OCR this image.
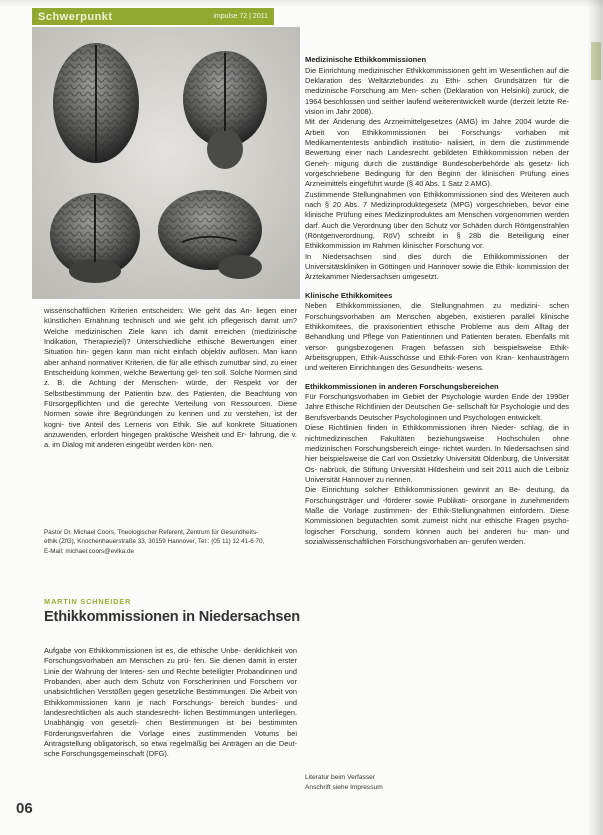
Schwerpunkt	impulse 72 | 2011

wissenschaftlichen Kriterien entscheiden: Wie geht das An- liegen einer künstlichen Ernährung technisch und wie geht ich pflegerisch damit um? Welche medizinischen Ziele kann ich damit erreichen (medizinische Indikation, Therapieziel)? Unterschiedliche ethische Bewertungen einer Situation hin- gegen kann man nicht einfach objektiv auflösen. Man kann aber anhand normativer Kriterien, die für alle ethisch zumutbar sind, zu einer Entscheidung kommen, welche Bewertung gel- ten soll. Solche Normen sind z. B. die Achtung der Menschen- würde, der Respekt vor der Selbstbestimmung der Patientin bzw. des Patienten, die Beachtung von Fürsorgepflichten und die gerechte Verteilung von Ressourcen. Diese Normen sowie ihre Begründungen zu kennen und zu verstehen, ist der kogni- tive Anteil des Lernens von Ethik. Sie auf konkrete Situationen anzuwenden, erfordert hingegen praktische Weisheit und Er- fahrung, die v. a. im Dialog mit anderen eingeübt werden kön- nen.

Pastor Dr. Michael Coors, Theologischer Referent, Zentrum für Gesundheits-
ethik (ZfG), Knochenhauerstraße 33, 30159 Hannover, Tel.: (05 11) 12 41-6 70,
E-Mail: michael.coors@evlka.de
MARTIN SCHNEIDER
Ethikkommissionen in Niedersachsen

Aufgabe von Ethikkommissionen ist es, die ethische Unbe- denklichkeit von Forschungsvorhaben am Menschen zu prü- fen. Sie dienen damit in erster Linie der Wahrung der Interes- sen und Rechte beteiligter Probandinnen und Probanden, aber auch dem Schutz von Forscherinnen und Forschern vor unabsichtlichen Verstößen gegen gesetzliche Bestimmungen. Die Arbeit von Ethikkommissionen kann je nach Forschungs- bereich bundes- und landesrechtlichen als auch standesrecht- lichen Bestimmungen unterliegen. Unabhängig von gesetzli- chen Bestimmungen ist bei bestimmten Förderungsverfahren die Vorlage eines zustimmenden Votums bei Antragstellung obligatorisch, so etwa regelmäßig bei Anträgen an die Deut- sche Forschungsgemeinschaft (DFG).

Medizinische Ethikkommissionen

Die Einrichtung medizinischer Ethikkommissionen geht im Wesentlichen auf die Deklaration des Weltärztebundes zu Ethi- schen Grundsätzen für die medizinische Forschung am Men- schen (Deklaration von Helsinki) zurück, die 1964 beschlossen und seither laufend weiterentwickelt wurde (derzeit letzte Re- vision im Jahr 2008).

Mit der Änderung des Arzneimittelgesetzes (AMG) im Jahre 2004 wurde die Arbeit von Ethikkommissionen bei Forschungs- vorhaben mit Medikamententests anbindlich institutio- nalisiert, in dem die zustimmende Bewertung einer nach Landesrecht gebildeten Ethikkommission neben der Geneh- migung durch die zuständige Bundesoberbehörde als gesetz- lich vorgeschriebene Bedingung für den Beginn der klinischen Prüfung eines Arzneimittels eingeführt wurde (§ 40 Abs. 1 Satz 2 AMG).

Zustimmende Stellungnahmen von Ethikkommissionen sind des Weiteren auch nach § 20 Abs. 7 Medizinproduktegesetz (MPG) vorgeschrieben, bevor eine klinische Prüfung eines Medizinproduktes am Menschen vorgenommen werden darf. Auch die Verordnung über den Schutz vor Schäden durch Röntgenstrahlen (Röntgenverordnung, RöV) schreibt in § 28b die Beteiligung einer Ethikkommission im Rahmen klinischer Forschung vor.

In Niedersachsen sind dies durch die Ethikkommissionen der Universitätskliniken in Göttingen und Hannover sowie die Ethik- kommission der Ärztekammer Niedersachsen umgesetzt.

Klinische Ethikkomitees

Neben Ethikkommissionen, die Stellungnahmen zu medizini- schen Forschungsvorhaben am Menschen abgeben, existieren parallel klinische Ethikkomitees, die praxisorientiert ethische Probleme aus dem Alltag der Behandlung und Pflege von Patientinnen und Patienten beraten. Ebenfalls mit versor- gungsbezogenen Fragen befassen sich beispielsweise Ethik- Arbeitsgruppen, Ethik-Ausschüsse und Ethik-Foren von Kran- kenhausträgern und weiteren Einrichtungen des Gesundheits- wesens.

Ethikkommissionen in anderen Forschungsbereichen

Für Forschungsvorhaben im Gebiet der Psychologie wurden Ende der 1990er Jahre Ethische Richtlinien der Deutschen Ge- sellschaft für Psychologie und des Berufsverbands Deutscher Psychologinnen und Psychologen entwickelt.

Diese Richtlinien finden in Ethikkommissionen ihren Nieder- schlag, die in nichtmedizinischen Fakultäten beziehungsweise Hochschulen ohne medizinischen Forschungsbereich einge- richtet wurden. In Niedersachsen sind hier beispielsweise die Carl von Ossietzky Universität Oldenburg, die Universität Os- nabrück, die Stiftung Universität Hildesheim und seit 2011 auch die Leibniz Universität Hannover zu nennen.

Die Einrichtung solcher Ethikkommissionen gewinnt an Be- deutung, da Forschungsträger und -förderer sowie Publikati- onsorgane in zunehmendem Maße die Vorlage zustimmen- der Ethik-Stellungnahmen einfordern. Diese Kommissionen begutachten somit zumeist nicht nur ethische Fragen psycho- logischer Forschung, sondern können auch bei anderen hu- man- und sozialwissenschaftlichen Forschungsvorhaben an- gerufen werden.

Literatur beim Verfasser
Anschrift siehe Impressum
06
